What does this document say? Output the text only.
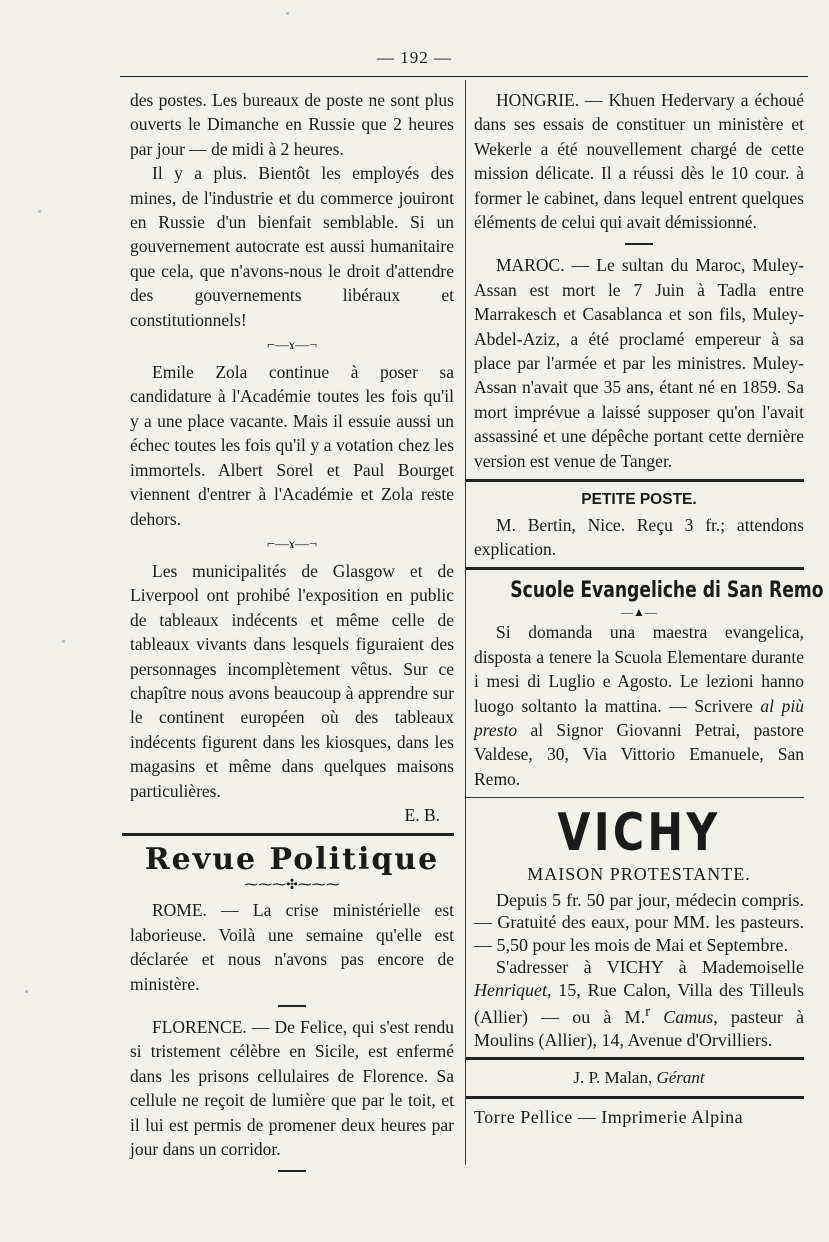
— 192 —

des postes. Les bureaux de poste ne sont plus ouverts le Dimanche en Russie que 2 heures par jour — de midi à 2 heures.

Il y a plus. Bientôt les employés des mines, de l'industrie et du commerce jouiront en Russie d'un bienfait semblable. Si un gouvernement autocrate est aussi humanitaire que cela, que n'avons-nous le droit d'attendre des gouvernements libéraux et constitutionnels!

⌐—ɤ—¬

Emile Zola continue à poser sa candidature à l'Académie toutes les fois qu'il y a une place vacante. Mais il essuie aussi un échec toutes les fois qu'il y a votation chez les immortels. Albert Sorel et Paul Bourget viennent d'entrer à l'Académie et Zola reste dehors.

⌐—ɤ—¬

Les municipalités de Glasgow et de Liverpool ont prohibé l'exposition en public de tableaux indécents et même celle de tableaux vivants dans lesquels figuraient des personnages incomplètement vêtus. Sur ce chapître nous avons beaucoup à apprendre sur le continent européen où des tableaux indécents figurent dans les kiosques, dans les magasins et même dans quelques maisons particulières.

E. B.
Revue Politique
⁓⁓⁓✣⁓⁓⁓

ROME. — La crise ministérielle est laborieuse. Voilà une semaine qu'elle est déclarée et nous n'avons pas encore de ministère.

FLORENCE. — De Felice, qui s'est rendu si tristement célèbre en Sicile, est enfermé dans les prisons cellulaires de Florence. Sa cellule ne reçoit de lumière que par le toit, et il lui est permis de promener deux heures par jour dans un corridor.

HONGRIE. — Khuen Hedervary a échoué dans ses essais de constituer un ministère et Wekerle a été nouvellement chargé de cette mission délicate. Il a réussi dès le 10 cour. à former le cabinet, dans lequel entrent quelques éléments de celui qui avait démissionné.

MAROC. — Le sultan du Maroc, Muley-Assan est mort le 7 Juin à Tadla entre Marrakesch et Casablanca et son fils, Muley-Abdel-Aziz, a été proclamé empereur à sa place par l'armée et par les ministres. Muley-Assan n'avait que 35 ans, étant né en 1859. Sa mort imprévue a laissé supposer qu'on l'avait assassiné et une dépêche portant cette dernière version est venue de Tanger.

PETITE POSTE.

M. Bertin, Nice. Reçu 3 fr.; attendons explication.

Scuole Evangeliche di San Remo
—▲—

Si domanda una maestra evangelica, disposta a tenere la Scuola Elementare durante i mesi di Luglio e Agosto. Le lezioni hanno luogo soltanto la mattina. — Scrivere al più presto al Signor Giovanni Petrai, pastore Valdese, 30, Via Vittorio Emanuele, San Remo.

VICHY
MAISON PROTESTANTE.

Depuis 5 fr. 50 par jour, médecin compris. — Gratuité des eaux, pour MM. les pasteurs. — 5,50 pour les mois de Mai et Septembre.

S'adresser à VICHY à Mademoiselle Henriquet, 15, Rue Calon, Villa des Tilleuls (Allier) — ou à M.$^r$ Camus, pasteur à Moulins (Allier), 14, Avenue d'Orvilliers.

J. P. Malan, Gérant
Torre Pellice — Imprimerie Alpina
